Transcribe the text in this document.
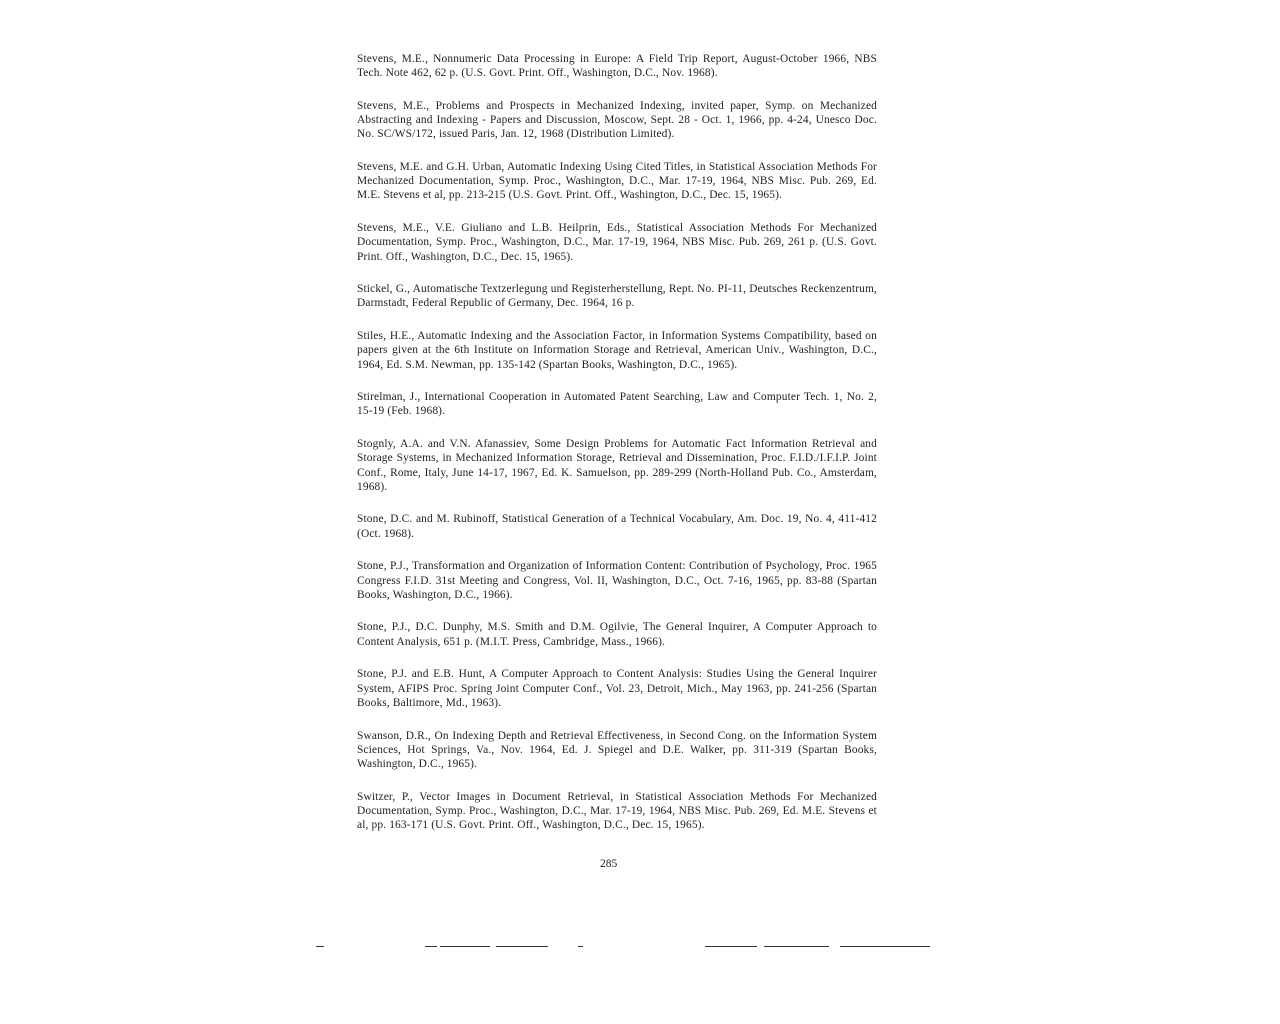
Stevens, M.E., Nonnumeric Data Processing in Europe: A Field Trip Report, August-October 1966, NBS Tech. Note 462, 62 p. (U.S. Govt. Print. Off., Washington, D.C., Nov. 1968).

Stevens, M.E., Problems and Prospects in Mechanized Indexing, invited paper, Symp. on Mechanized Abstracting and Indexing - Papers and Discussion, Moscow, Sept. 28 - Oct. 1, 1966, pp. 4-24, Unesco Doc. No. SC/WS/172, issued Paris, Jan. 12, 1968 (Distribution Limited).

Stevens, M.E. and G.H. Urban, Automatic Indexing Using Cited Titles, in Statistical Association Methods For Mechanized Documentation, Symp. Proc., Washington, D.C., Mar. 17-19, 1964, NBS Misc. Pub. 269, Ed. M.E. Stevens et al, pp. 213-215 (U.S. Govt. Print. Off., Washington, D.C., Dec. 15, 1965).

Stevens, M.E., V.E. Giuliano and L.B. Heilprin, Eds., Statistical Association Methods For Mechanized Documentation, Symp. Proc., Washington, D.C., Mar. 17-19, 1964, NBS Misc. Pub. 269, 261 p. (U.S. Govt. Print. Off., Washington, D.C., Dec. 15, 1965).

Stickel, G., Automatische Textzerlegung und Registerherstellung, Rept. No. PI-11, Deutsches Reckenzentrum, Darmstadt, Federal Republic of Germany, Dec. 1964, 16 p.

Stiles, H.E., Automatic Indexing and the Association Factor, in Information Systems Compatibility, based on papers given at the 6th Institute on Information Storage and Retrieval, American Univ., Washington, D.C., 1964, Ed. S.M. Newman, pp. 135-142 (Spartan Books, Washington, D.C., 1965).

Stirelman, J., International Cooperation in Automated Patent Searching, Law and Computer Tech. 1, No. 2, 15-19 (Feb. 1968).

Stognly, A.A. and V.N. Afanassiev, Some Design Problems for Automatic Fact Information Retrieval and Storage Systems, in Mechanized Information Storage, Retrieval and Dissemination, Proc. F.I.D./I.F.I.P. Joint Conf., Rome, Italy, June 14-17, 1967, Ed. K. Samuelson, pp. 289-299 (North-Holland Pub. Co., Amsterdam, 1968).

Stone, D.C. and M. Rubinoff, Statistical Generation of a Technical Vocabulary, Am. Doc. 19, No. 4, 411-412 (Oct. 1968).

Stone, P.J., Transformation and Organization of Information Content: Contribution of Psychology, Proc. 1965 Congress F.I.D. 31st Meeting and Congress, Vol. II, Washington, D.C., Oct. 7-16, 1965, pp. 83-88 (Spartan Books, Washington, D.C., 1966).

Stone, P.J., D.C. Dunphy, M.S. Smith and D.M. Ogilvie, The General Inquirer, A Computer Approach to Content Analysis, 651 p. (M.I.T. Press, Cambridge, Mass., 1966).

Stone, P.J. and E.B. Hunt, A Computer Approach to Content Analysis: Studies Using the General Inquirer System, AFIPS Proc. Spring Joint Computer Conf., Vol. 23, Detroit, Mich., May 1963, pp. 241-256 (Spartan Books, Baltimore, Md., 1963).

Swanson, D.R., On Indexing Depth and Retrieval Effectiveness, in Second Cong. on the Information System Sciences, Hot Springs, Va., Nov. 1964, Ed. J. Spiegel and D.E. Walker, pp. 311-319 (Spartan Books, Washington, D.C., 1965).

Switzer, P., Vector Images in Document Retrieval, in Statistical Association Methods For Mechanized Documentation, Symp. Proc., Washington, D.C., Mar. 17-19, 1964, NBS Misc. Pub. 269, Ed. M.E. Stevens et al, pp. 163-171 (U.S. Govt. Print. Off., Washington, D.C., Dec. 15, 1965).

285
